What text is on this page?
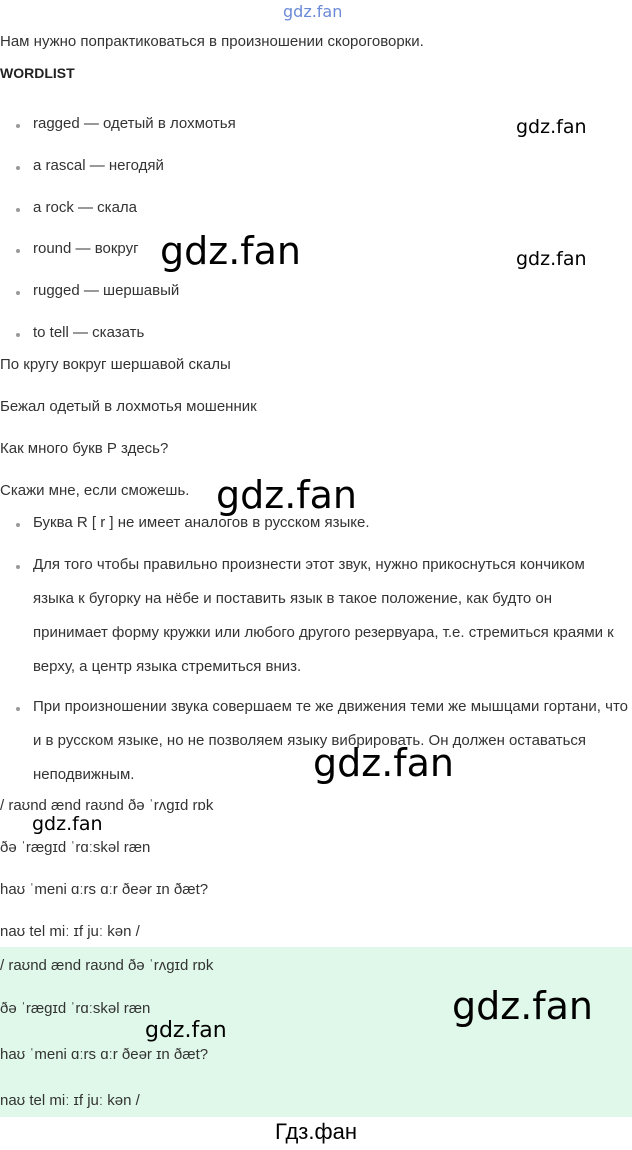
gdz.fan
Нам нужно попрактиковаться в произношении скороговорки.
WORDLIST
ragged — одетый в лохмотья
a rascal — негодяй
a rock — скала
round — вокруг
rugged — шершавый
to tell — сказать
По кругу вокруг шершавой скалы
Бежал одетый в лохмотья мошенник
Как много букв Р здесь?
Скажи мне, если сможешь.
Буква R [ r ] не имеет аналогов в русском языке.
Для того чтобы правильно произнести этот звук, нужно прикоснуться кончиком языка к бугорку на нёбе и поставить язык в такое положение, как будто он принимает форму кружки или любого другого резервуара, т.е. стремиться краями к верху, а центр языка стремиться вниз.
При произношении звука совершаем те же движения теми же мышцами гортани, что и в русском языке, но не позволяем языку вибрировать. Он должен оставаться неподвижным.
/ raʊnd ænd raʊnd ðə ˈrʌgɪd rɒk
ðə ˈrægɪd ˈrɑːskəl ræn
haʊ ˈmeni ɑːrs ɑːr ðeər ɪn ðæt?
naʊ tel miː ɪf juː kən /
/ raʊnd ænd raʊnd ðə ˈrʌgɪd rɒk
ðə ˈrægɪd ˈrɑːskəl ræn
haʊ ˈmeni ɑːrs ɑːr ðeər ɪn ðæt?
naʊ tel miː ɪf juː kən /
gdz.fan
gdz.fan	gdz.fan
gdz.fan
gdz.fan
gdz.fan
gdz.fan
gdz.fan
Гдз.фан
